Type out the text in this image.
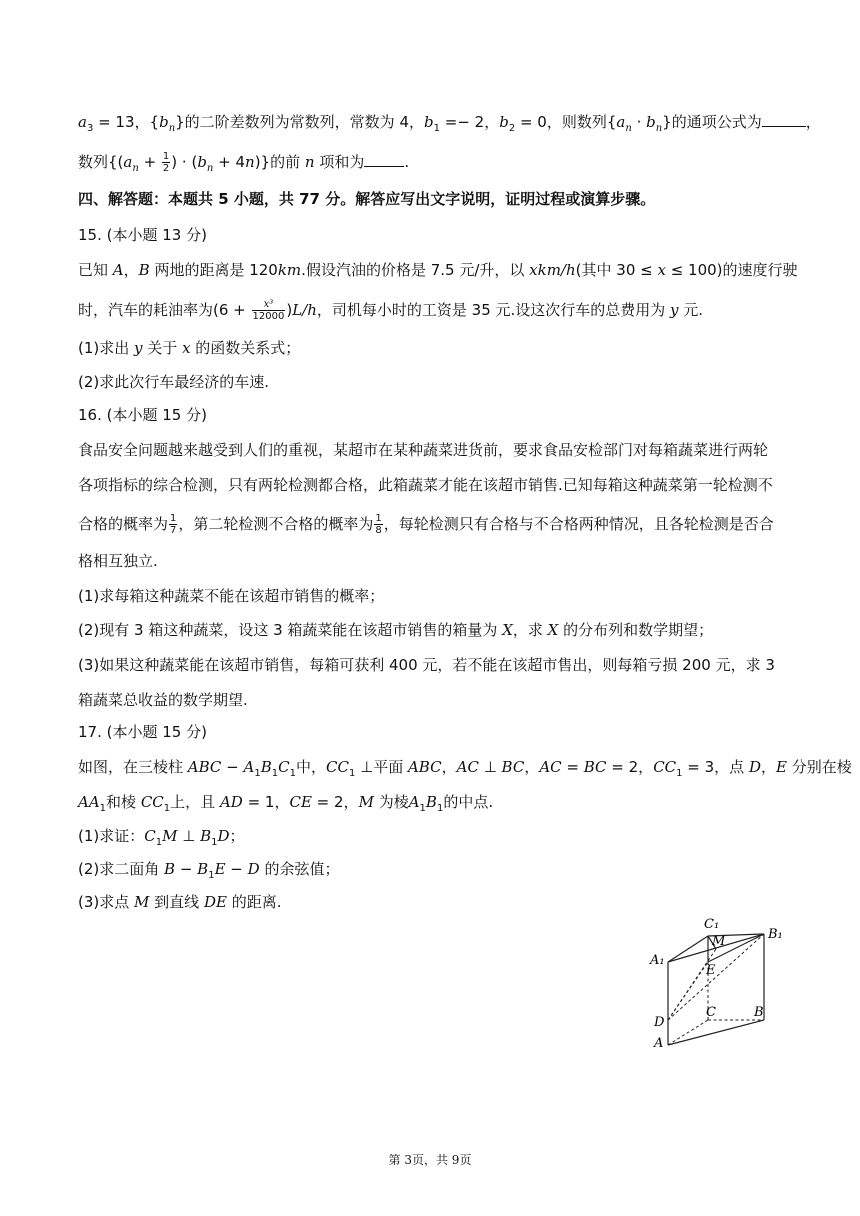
$a_3 = 13$，$\{b_n\}$的二阶差数列为常数列，常数为 4，$b_1 =- 2$，$b_2 = 0$，则数列$\{a_n \cdot b_n\}$的通项公式为	，
数列{($a_n + \frac{1}{2}$ ) · $(b_n + 4n)$}的前 n 项和为	.
四、解答题：本题共 5 小题，共 77 分。解答应写出文字说明，证明过程或演算步骤。
15. (本小题 13 分)
已知 A，B 两地的距离是 120km.假设汽油的价格是 7.5 元/升，以 xkm/h(其中 30 ≤ x ≤ 100)的速度行驶
时，汽车的耗油率为$(6 + \frac{\text{x³}}{12000} )L/h$，司机每小时的工资是 35 元.设这次行车的总费用为 y 元.
(1)求出 y 关于 x 的函数关系式；
(2)求此次行车最经济的车速.
16. (本小题 15 分)
食品安全问题越来越受到人们的重视，某超市在某种蔬菜进货前，要求食品安检部门对每箱蔬菜进行两轮
各项指标的综合检测，只有两轮检测都合格，此箱蔬菜才能在该超市销售.已知每箱这种蔬菜第一轮检测不
合格的概率为 $\frac{1}{7}$ ，第二轮检测不合格的概率为 $\frac{1}{8}$ ，每轮检测只有合格与不合格两种情况，且各轮检测是否合
格相互独立.
(1)求每箱这种蔬菜不能在该超市销售的概率；
(2)现有 3 箱这种蔬菜，设这 3 箱蔬菜能在该超市销售的箱量为 X，求 X 的分布列和数学期望；
(3)如果这种蔬菜能在该超市销售，每箱可获利 400 元，若不能在该超市售出，则每箱亏损 200 元，求 3
箱蔬菜总收益的数学期望.
17. (本小题 15 分)
如图，在三棱柱 ABC − $A_1B_1C_1$中，$CC_1$ ⊥平面 ABC，AC ⊥ BC，AC = BC = 2，$CC_1 = 3$，点 D，E 分别在棱
$AA_1$和棱 $CC_1$上，且 AD = 1，CE = 2，M 为棱$A_1B_1$的中点.
(1)求证：$C_1M$ ⊥ $B_1D$；
(2)求二面角 $B - B_1E - D$ 的余弦值；
(3)求点 M 到直线 DE 的距离.
C₁
M	B₁
A₁
E
C	B
D
A
第 3页，共 9页
